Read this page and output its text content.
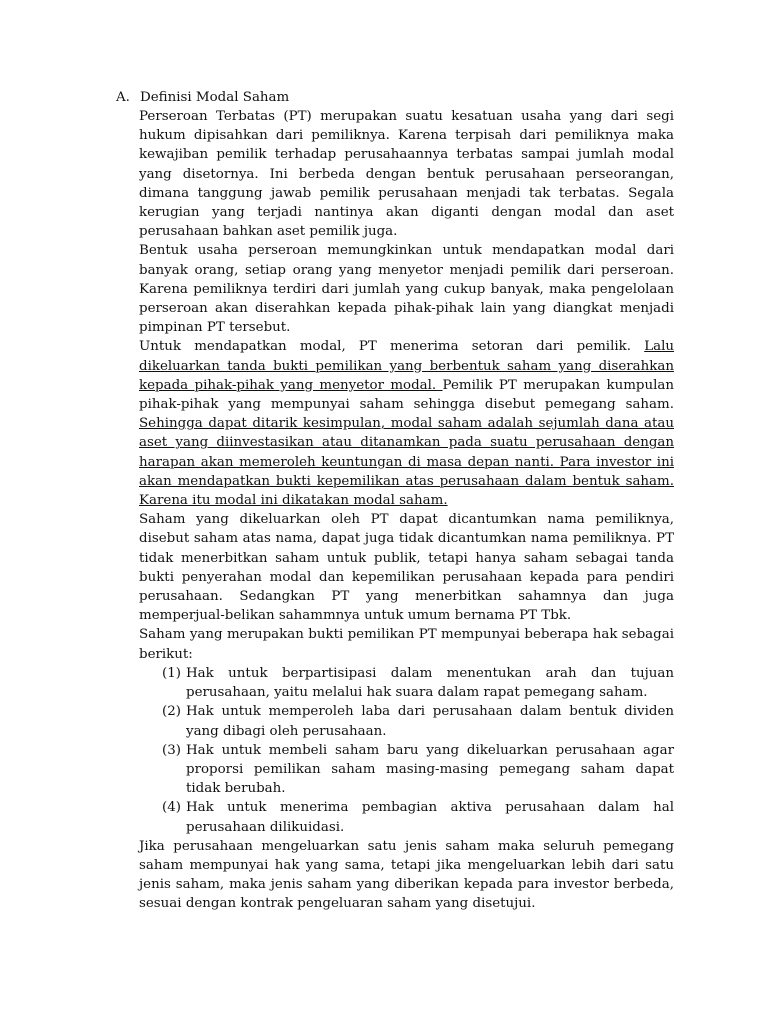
A. Definisi Modal Saham

Perseroan Terbatas (PT) merupakan suatu kesatuan usaha yang dari segi hukum dipisahkan dari pemiliknya. Karena terpisah dari pemiliknya maka kewajiban pemilik terhadap perusahaannya terbatas sampai jumlah modal yang disetornya. Ini berbeda dengan bentuk perusahaan perseorangan, dimana tanggung jawab pemilik perusahaan menjadi tak terbatas. Segala kerugian yang terjadi nantinya akan diganti dengan modal dan aset perusahaan bahkan aset pemilik juga.

Bentuk usaha perseroan memungkinkan untuk mendapatkan modal dari banyak orang, setiap orang yang menyetor menjadi pemilik dari perseroan. Karena pemiliknya terdiri dari jumlah yang cukup banyak, maka pengelolaan perseroan akan diserahkan kepada pihak-pihak lain yang diangkat menjadi pimpinan PT tersebut.

Untuk mendapatkan modal, PT menerima setoran dari pemilik. Lalu dikeluarkan tanda bukti pemilikan yang berbentuk saham yang diserahkan kepada pihak-pihak yang menyetor modal. Pemilik PT merupakan kumpulan pihak-pihak yang mempunyai saham sehingga disebut pemegang saham. Sehingga dapat ditarik kesimpulan, modal saham adalah sejumlah dana atau aset yang diinvestasikan atau ditanamkan pada suatu perusahaan dengan harapan akan memeroleh keuntungan di masa depan nanti. Para investor ini akan mendapatkan bukti kepemilikan atas perusahaan dalam bentuk saham. Karena itu modal ini dikatakan modal saham.

Saham yang dikeluarkan oleh PT dapat dicantumkan nama pemiliknya, disebut saham atas nama, dapat juga tidak dicantumkan nama pemiliknya. PT tidak menerbitkan saham untuk publik, tetapi hanya saham sebagai tanda bukti penyerahan modal dan kepemilikan perusahaan kepada para pendiri perusahaan. Sedangkan PT yang menerbitkan sahamnya dan juga memperjual-belikan sahammnya untuk umum bernama PT Tbk.

Saham yang merupakan bukti pemilikan PT mempunyai beberapa hak sebagai berikut:

(1) Hak untuk berpartisipasi dalam menentukan arah dan tujuan perusahaan, yaitu melalui hak suara dalam rapat pemegang saham.
(2) Hak untuk memperoleh laba dari perusahaan dalam bentuk dividen yang dibagi oleh perusahaan.
(3) Hak untuk membeli saham baru yang dikeluarkan perusahaan agar proporsi pemilikan saham masing-masing pemegang saham dapat tidak berubah.
(4) Hak untuk menerima pembagian aktiva perusahaan dalam hal perusahaan dilikuidasi.

Jika perusahaan mengeluarkan satu jenis saham maka seluruh pemegang saham mempunyai hak yang sama, tetapi jika mengeluarkan lebih dari satu jenis saham, maka jenis saham yang diberikan kepada para investor berbeda, sesuai dengan kontrak pengeluaran saham yang disetujui.
